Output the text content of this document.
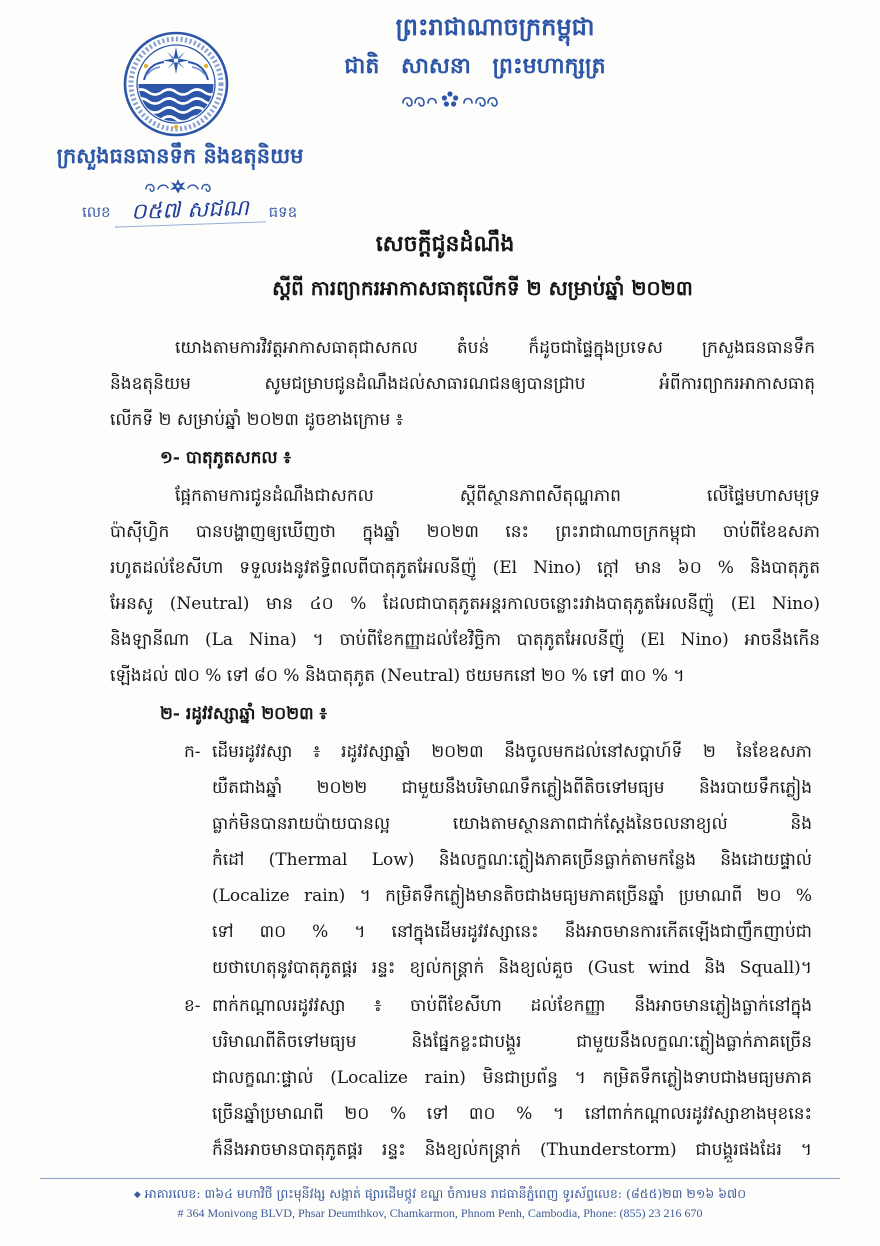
ព្រះរាជាណាចក្រកម្ពុជា
ជាតិ សាសនា ព្រះមហាក្សត្រ
ក្រសួងធនធានទឹក និងឧតុនិយម
លេខ ០៥៧ សជណ	ធទឧ
សេចក្ដីជូនដំណឹង
ស្ដីពី ការព្យាករអាកាសធាតុលើកទី ២ សម្រាប់ឆ្នាំ ២០២៣
យោងតាមការវិវត្តអាកាសធាតុជាសកល តំបន់ ក៏ដូចជាផ្ទៃក្នុងប្រទេស ក្រសួងធនធានទឹក
និងឧតុនិយម សូមជម្រាបជូនដំណឹងដល់សាធារណជនឲ្យបានជ្រាប អំពីការព្យាករអាកាសធាតុ
លើកទី ២ សម្រាប់ឆ្នាំ ២០២៣ ដូចខាងក្រោម ៖
១- បាតុភូតសកល ៖
ផ្អែកតាមការជូនដំណឹងជាសកល ស្ដីពីស្ថានភាពសីតុណ្ហភាព លើផ្ទៃមហាសមុទ្រ
ប៉ាស៊ីហ្វិក បានបង្ហាញឲ្យឃើញថា ក្នុងឆ្នាំ ២០២៣ នេះ ព្រះរាជាណាចក្រកម្ពុជា ចាប់ពីខែឧសភា
រហូតដល់ខែសីហា ទទួលរងនូវឥទ្ធិពលពីបាតុភូតអែលនីញ៉ូ (El Nino) ក្ដៅ មាន ៦០ % និងបាតុភូត
អែនសូ (Neutral) មាន ៤០ % ដែលជាបាតុភូតអន្តរកាលចន្លោះរវាងបាតុភូតអែលនីញ៉ូ (El Nino)
និងឡានីណា (La Nina) ។ ចាប់ពីខែកញ្ញាដល់ខែវិច្ឆិកា បាតុភូតអែលនីញ៉ូ (El Nino) អាចនឹងកើន
ឡើងដល់ ៧០ % ទៅ ៨០ % និងបាតុភូត (Neutral) ថយមកនៅ ២០ % ទៅ ៣០ % ។
២- រដូវវស្សាឆ្នាំ ២០២៣ ៖
ក- ដើមរដូវវស្សា ៖ រដូវវស្សាឆ្នាំ ២០២៣ នឹងចូលមកដល់នៅសប្ដាហ៍ទី ២ នៃខែឧសភា
យឺតជាងឆ្នាំ ២០២២ ជាមួយនឹងបរិមាណទឹកភ្លៀងពីតិចទៅមធ្យម និងរបាយទឹកភ្លៀង
ធ្លាក់មិនបានរាយប៉ាយបានល្អ យោងតាមស្ថានភាពជាក់ស្ដែងនៃចលនាខ្យល់ និង
កំដៅ (Thermal Low) និងលក្ខណៈភ្លៀងភាគច្រើនធ្លាក់តាមកន្លែង និងដោយផ្ទាល់
(Localize rain) ។ កម្រិតទឹកភ្លៀងមានតិចជាងមធ្យមភាគច្រើនឆ្នាំ ប្រមាណពី ២០ %
ទៅ ៣០ % ។ នៅក្នុងដើមរដូវវស្សានេះ នឹងអាចមានការកើតឡើងជាញឹកញាប់ជា
យថាហេតុនូវបាតុភូតផ្គរ រន្ទះ ខ្យល់កន្ត្រាក់ និងខ្យល់គួច (Gust wind និង Squall)។
ខ- ពាក់កណ្ដាលរដូវវស្សា ៖ ចាប់ពីខែសីហា ដល់ខែកញ្ញា នឹងអាចមានភ្លៀងធ្លាក់នៅក្នុង
បរិមាណពីតិចទៅមធ្យម និងផ្នែកខ្លះជាបង្គួរ ជាមួយនឹងលក្ខណៈភ្លៀងធ្លាក់ភាគច្រើន
ជាលក្ខណៈផ្ទាល់ (Localize rain) មិនជាប្រព័ន្ធ ។ កម្រិតទឹកភ្លៀងទាបជាងមធ្យមភាគ
ច្រើនឆ្នាំប្រមាណពី ២០ % ទៅ ៣០ % ។ នៅពាក់កណ្ដាលរដូវវស្សាខាងមុខនេះ
ក៏នឹងអាចមានបាតុភូតផ្គរ រន្ទះ និងខ្យល់កន្ត្រាក់ (Thunderstorm) ជាបង្គួរផងដែរ ។
◆ អាគារលេខ: ៣៦៤ មហាវិថី ព្រះមុនីវង្ស សង្កាត់ ផ្សារដើមថ្កូវ ខណ្ឌ ចំការមន រាជធានីភ្នំពេញ ទូរស័ព្ទលេខ: (៨៥៥)២៣ ២១៦ ៦៧០
# 364 Monivong BLVD, Phsar Deumthkov, Chamkarmon, Phnom Penh, Cambodia, Phone: (855) 23 216 670
